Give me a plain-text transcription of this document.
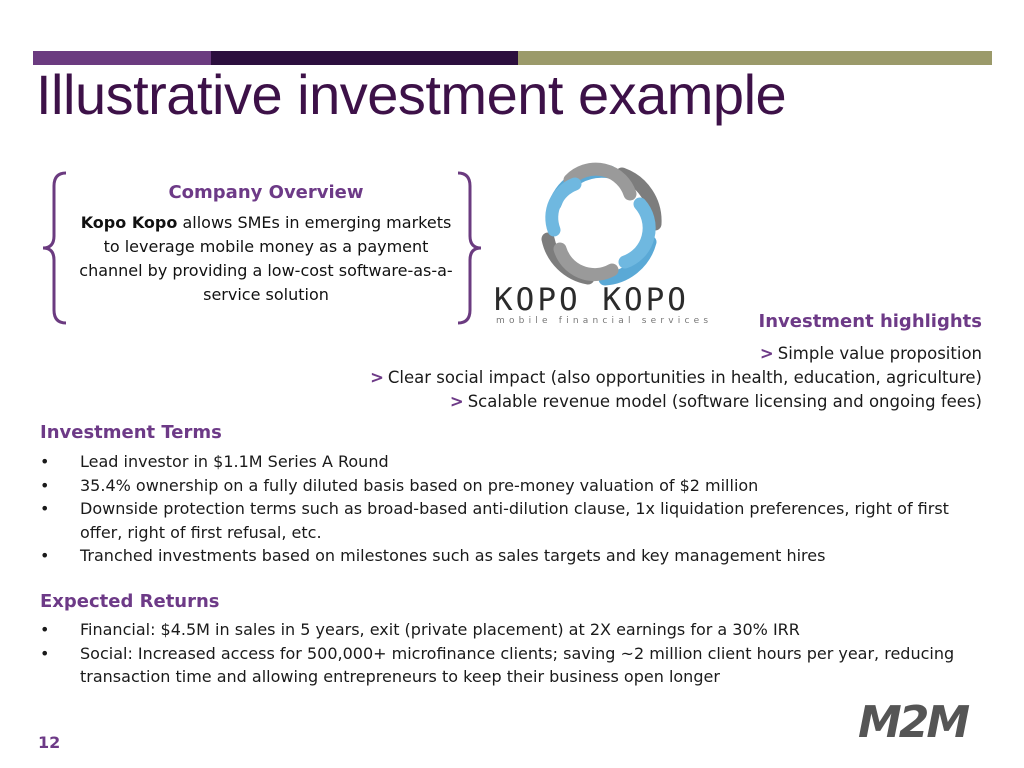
Illustrative investment example
Company Overview
Kopo Kopo allows SMEs in emerging markets to leverage mobile money as a payment channel by providing a low-cost software-as-a-service solution	KOPO KOPO
mobile financial services	Investment highlights
> Simple value proposition
> Clear social impact (also opportunities in health, education, agriculture)
> Scalable revenue model (software licensing and ongoing fees)
Investment Terms
• Lead investor in $1.1M Series A Round
• 35.4% ownership on a fully diluted basis based on pre-money valuation of $2 million
• Downside protection terms such as broad-based anti-dilution clause, 1x liquidation preferences, right of first offer, right of first refusal, etc.
• Tranched investments based on milestones such as sales targets and key management hires
Expected Returns
• Financial: $4.5M in sales in 5 years, exit (private placement) at 2X earnings for a 30% IRR
• Social: Increased access for 500,000+ microfinance clients; saving ~2 million client hours per year, reducing transaction time and allowing entrepreneurs to keep their business open longer
12	M2M
